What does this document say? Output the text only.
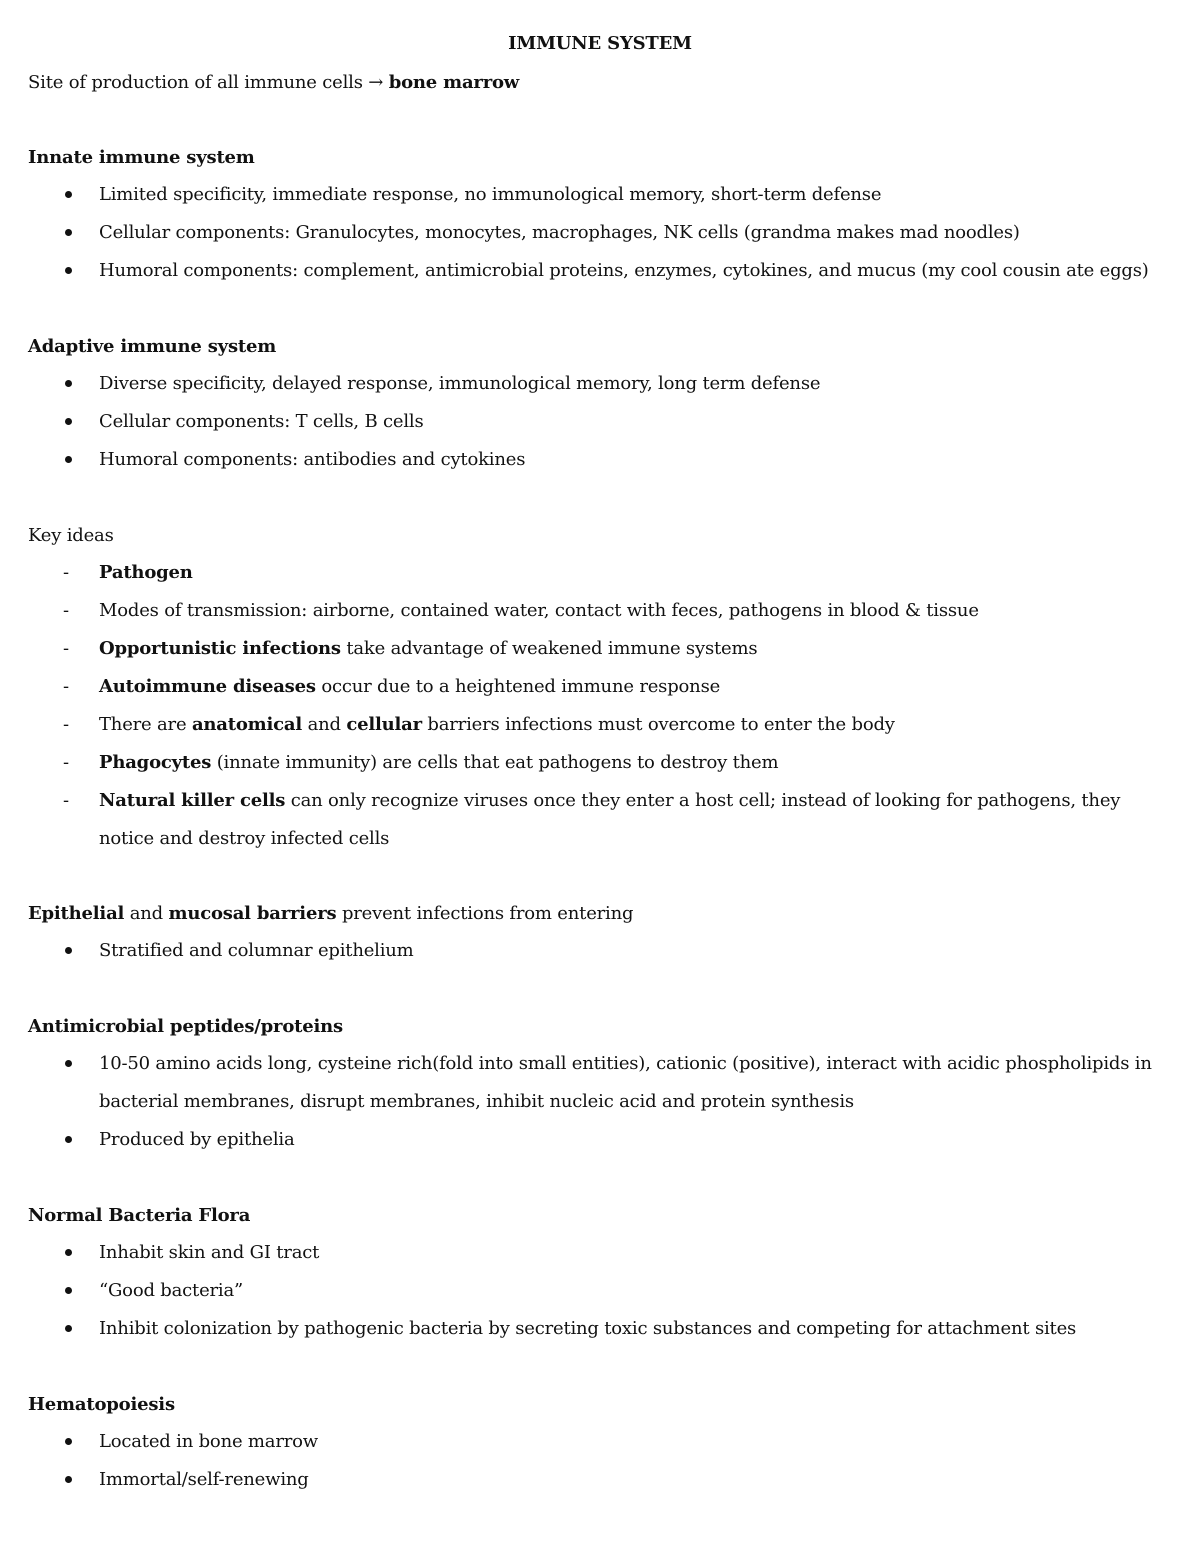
IMMUNE SYSTEM
Site of production of all immune cells → bone marrow
Innate immune system
Limited specificity, immediate response, no immunological memory, short-term defense
Cellular components: Granulocytes, monocytes, macrophages, NK cells (grandma makes mad noodles)
Humoral components: complement, antimicrobial proteins, enzymes, cytokines, and mucus (my cool cousin ate eggs)
Adaptive immune system
Diverse specificity, delayed response, immunological memory, long term defense
Cellular components: T cells, B cells
Humoral components: antibodies and cytokines
Key ideas
- Pathogen
- Modes of transmission: airborne, contained water, contact with feces, pathogens in blood & tissue
- Opportunistic infections take advantage of weakened immune systems
- Autoimmune diseases occur due to a heightened immune response
- There are anatomical and cellular barriers infections must overcome to enter the body
- Phagocytes (innate immunity) are cells that eat pathogens to destroy them
- Natural killer cells can only recognize viruses once they enter a host cell; instead of looking for pathogens, they notice and destroy infected cells
Epithelial and mucosal barriers prevent infections from entering
Stratified and columnar epithelium
Antimicrobial peptides/proteins
10-50 amino acids long, cysteine rich(fold into small entities), cationic (positive), interact with acidic phospholipids in bacterial membranes, disrupt membranes, inhibit nucleic acid and protein synthesis
Produced by epithelia
Normal Bacteria Flora
Inhabit skin and GI tract
“Good bacteria”
Inhibit colonization by pathogenic bacteria by secreting toxic substances and competing for attachment sites
Hematopoiesis
Located in bone marrow
Immortal/self-renewing
